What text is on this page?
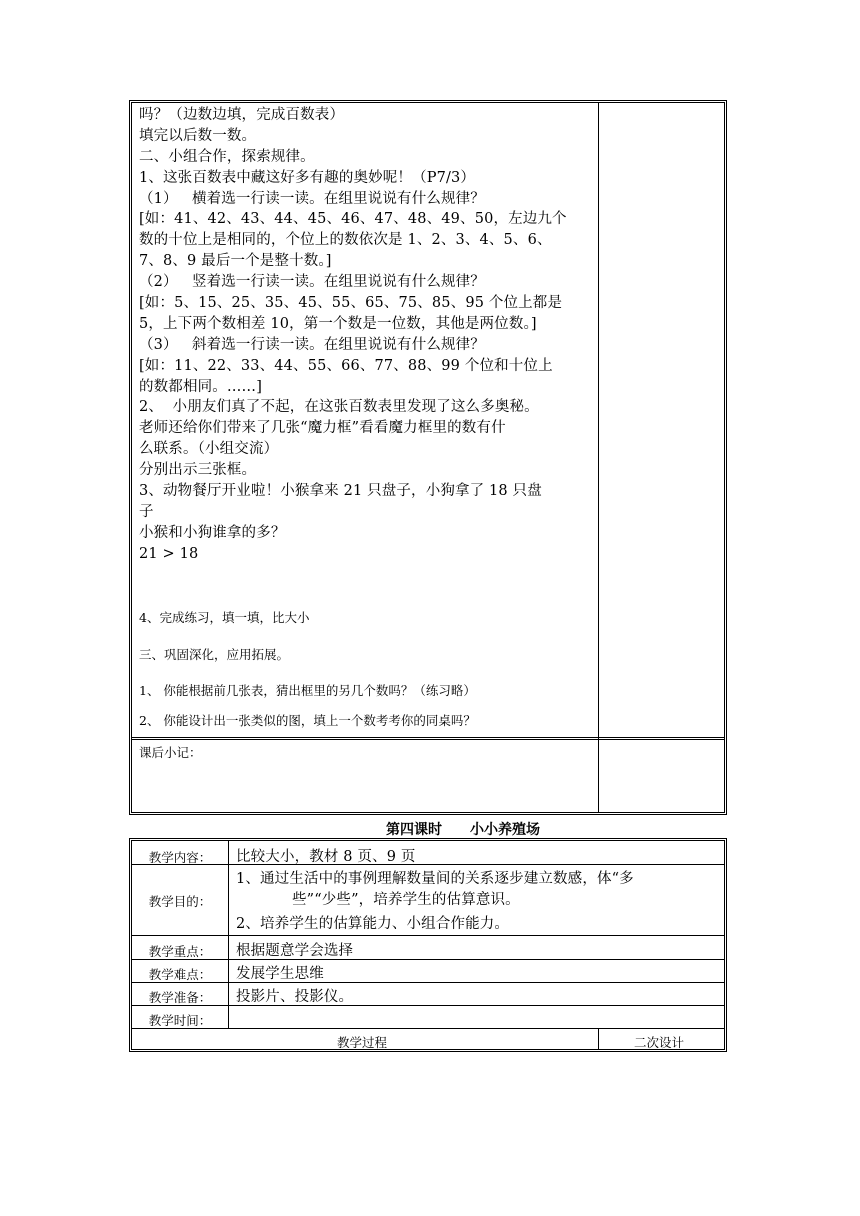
吗？（边数边填，完成百数表）
填完以后数一数。
二、小组合作，探索规律。
1、这张百数表中藏这好多有趣的奥妙呢！（P7/3）
（1）   横着选一行读一读。在组里说说有什么规律？
[如：41、42、43、44、45、46、47、48、49、50，左边九个
数的十位上是相同的，个位上的数依次是 1、2、3、4、5、6、
7、8、9 最后一个是整十数。]
（2）   竖着选一行读一读。在组里说说有什么规律？
[如：5、15、25、35、45、55、65、75、85、95 个位上都是
5，上下两个数相差 10，第一个数是一位数，其他是两位数。]
（3）   斜着选一行读一读。在组里说说有什么规律？
[如：11、22、33、44、55、66、77、88、99 个位和十位上
的数都相同。……]
2、  小朋友们真了不起，在这张百数表里发现了这么多奥秘。
老师还给你们带来了几张“魔力框”看看魔力框里的数有什
么联系。（小组交流）
分别出示三张框。
3、动物餐厅开业啦！小猴拿来 21 只盘子，小狗拿了 18 只盘
子
小猴和小狗谁拿的多？
21 > 18
4、完成练习，填一填，比大小
三、巩固深化，应用拓展。
1、 你能根据前几张表，猜出框里的另几个数吗？（练习略）
2、 你能设计出一张类似的图，填上一个数考考你的同桌吗？
课后小记：
第四课时 小小养殖场
教学内容：	比较大小，教材 8 页、9 页
教学目的：
1、通过生活中的事例理解数量间的关系逐步建立数感，体“多
些”“少些”，培养学生的估算意识。
2、培养学生的估算能力、小组合作能力。
教学重点：	根据题意学会选择
教学难点：	发展学生思维
教学准备：	投影片、投影仪。
教学时间：
教学过程	二次设计
